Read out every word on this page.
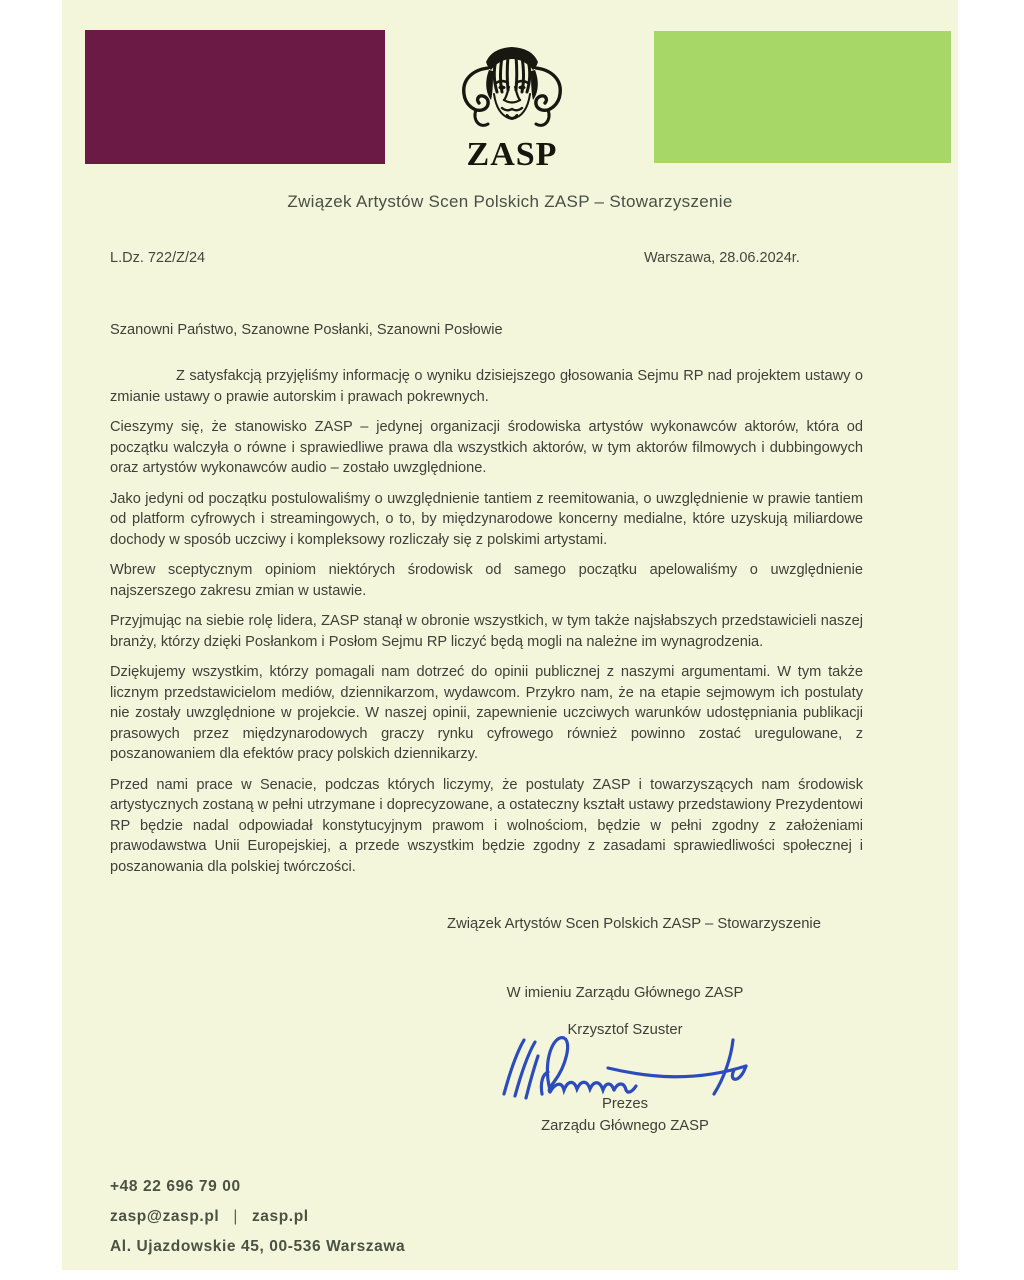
ZASP
Związek Artystów Scen Polskich ZASP – Stowarzyszenie
L.Dz. 722/Z/24	Warszawa, 28.06.2024r.
Szanowni Państwo, Szanowne Posłanki, Szanowni Posłowie

Z satysfakcją przyjęliśmy informację o wyniku dzisiejszego głosowania Sejmu RP nad projektem ustawy o zmianie ustawy o prawie autorskim i prawach pokrewnych.

Cieszymy się, że stanowisko ZASP – jedynej organizacji środowiska artystów wykonawców aktorów, która od początku walczyła o równe i sprawiedliwe prawa dla wszystkich aktorów, w tym aktorów filmowych i dubbingowych oraz artystów wykonawców audio – zostało uwzględnione.

Jako jedyni od początku postulowaliśmy o uwzględnienie tantiem z reemitowania, o uwzględnienie w prawie tantiem od platform cyfrowych i streamingowych, o to, by międzynarodowe koncerny medialne, które uzyskują miliardowe dochody w sposób uczciwy i kompleksowy rozliczały się z polskimi artystami.

Wbrew sceptycznym opiniom niektórych środowisk od samego początku apelowaliśmy o uwzględnienie najszerszego zakresu zmian w ustawie.

Przyjmując na siebie rolę lidera, ZASP stanął w obronie wszystkich, w tym także najsłabszych przedstawicieli naszej branży, którzy dzięki Posłankom i Posłom Sejmu RP liczyć będą mogli na należne im wynagrodzenia.

Dziękujemy wszystkim, którzy pomagali nam dotrzeć do opinii publicznej z naszymi argumentami. W tym także licznym przedstawicielom mediów, dziennikarzom, wydawcom. Przykro nam, że na etapie sejmowym ich postulaty nie zostały uwzględnione w projekcie. W naszej opinii, zapewnienie uczciwych warunków udostępniania publikacji prasowych przez międzynarodowych graczy rynku cyfrowego również powinno zostać uregulowane, z poszanowaniem dla efektów pracy polskich dziennikarzy.

Przed nami prace w Senacie, podczas których liczymy, że postulaty ZASP i towarzyszących nam środowisk artystycznych zostaną w pełni utrzymane i doprecyzowane, a ostateczny kształt ustawy przedstawiony Prezydentowi RP będzie nadal odpowiadał konstytucyjnym prawom i wolnościom, będzie w pełni zgodny z założeniami prawodawstwa Unii Europejskiej, a przede wszystkim będzie zgodny z zasadami sprawiedliwości społecznej i poszanowania dla polskiej twórczości.

Związek Artystów Scen Polskich ZASP – Stowarzyszenie
W imieniu Zarządu Głównego ZASP
Krzysztof Szuster
Prezes
Zarządu Głównego ZASP
+48 22 696 79 00
zasp@zasp.pl | zasp.pl
Al. Ujazdowskie 45, 00-536 Warszawa
